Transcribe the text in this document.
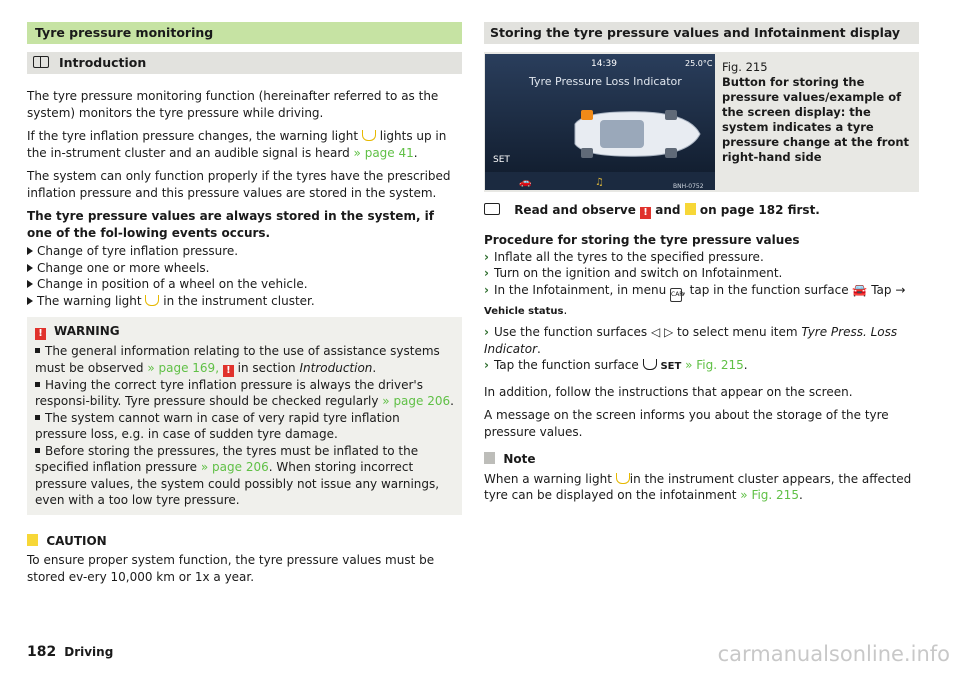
Tyre pressure monitoring
Introduction

The tyre pressure monitoring function (hereinafter referred to as the system) monitors the tyre pressure while driving.

If the tyre inflation pressure changes, the warning light lights up in the in-strument cluster and an audible signal is heard » page 41.

The system can only function properly if the tyres have the prescribed inflation pressure and this pressure values are stored in the system.

The tyre pressure values are always stored in the system, if one of the fol-lowing events occurs.

Change of tyre inflation pressure.
Change one or more wheels.
Change in position of a wheel on the vehicle.
The warning light in the instrument cluster.
! WARNING

The general information relating to the use of assistance systems must be observed » page 169, ! in section Introduction.

Having the correct tyre inflation pressure is always the driver's responsi-bility. Tyre pressure should be checked regularly » page 206.

The system cannot warn in case of very rapid tyre inflation pressure loss, e.g. in case of sudden tyre damage.

Before storing the pressures, the tyres must be inflated to the specified inflation pressure » page 206. When storing incorrect pressure values, the system could possibly not issue any warnings, even with a too low tyre pressure.

CAUTION

To ensure proper system function, the tyre pressure values must be stored ev-ery 10,000 km or 1x a year.

Storing the tyre pressure values and Infotainment display
14:39	25.0°C
Tyre Pressure Loss Indicator
SET
🚗	♫	BNH-0752
Fig. 215
Button for storing the pressure values/example of the screen display: the system indicates a tyre pressure change at the front right-hand side

Read and observe ! and on page 182 first.

Procedure for storing the tyre pressure values
› Inflate all the tyres to the specified pressure.
› Turn on the ignition and switch on Infotainment.
› In the Infotainment, in menu CAR, tap in the function surface 🚘 Tap → Vehicle status.
› Use the function surfaces ◁ ▷ to select menu item Tyre Press. Loss Indicator.
› Tap the function surface SET » Fig. 215.

In addition, follow the instructions that appear on the screen.

A message on the screen informs you about the storage of the tyre pressure values.

Note

When a warning light in the instrument cluster appears, the affected tyre can be displayed on the infotainment » Fig. 215.

182 Driving	carmanualsonline.info
